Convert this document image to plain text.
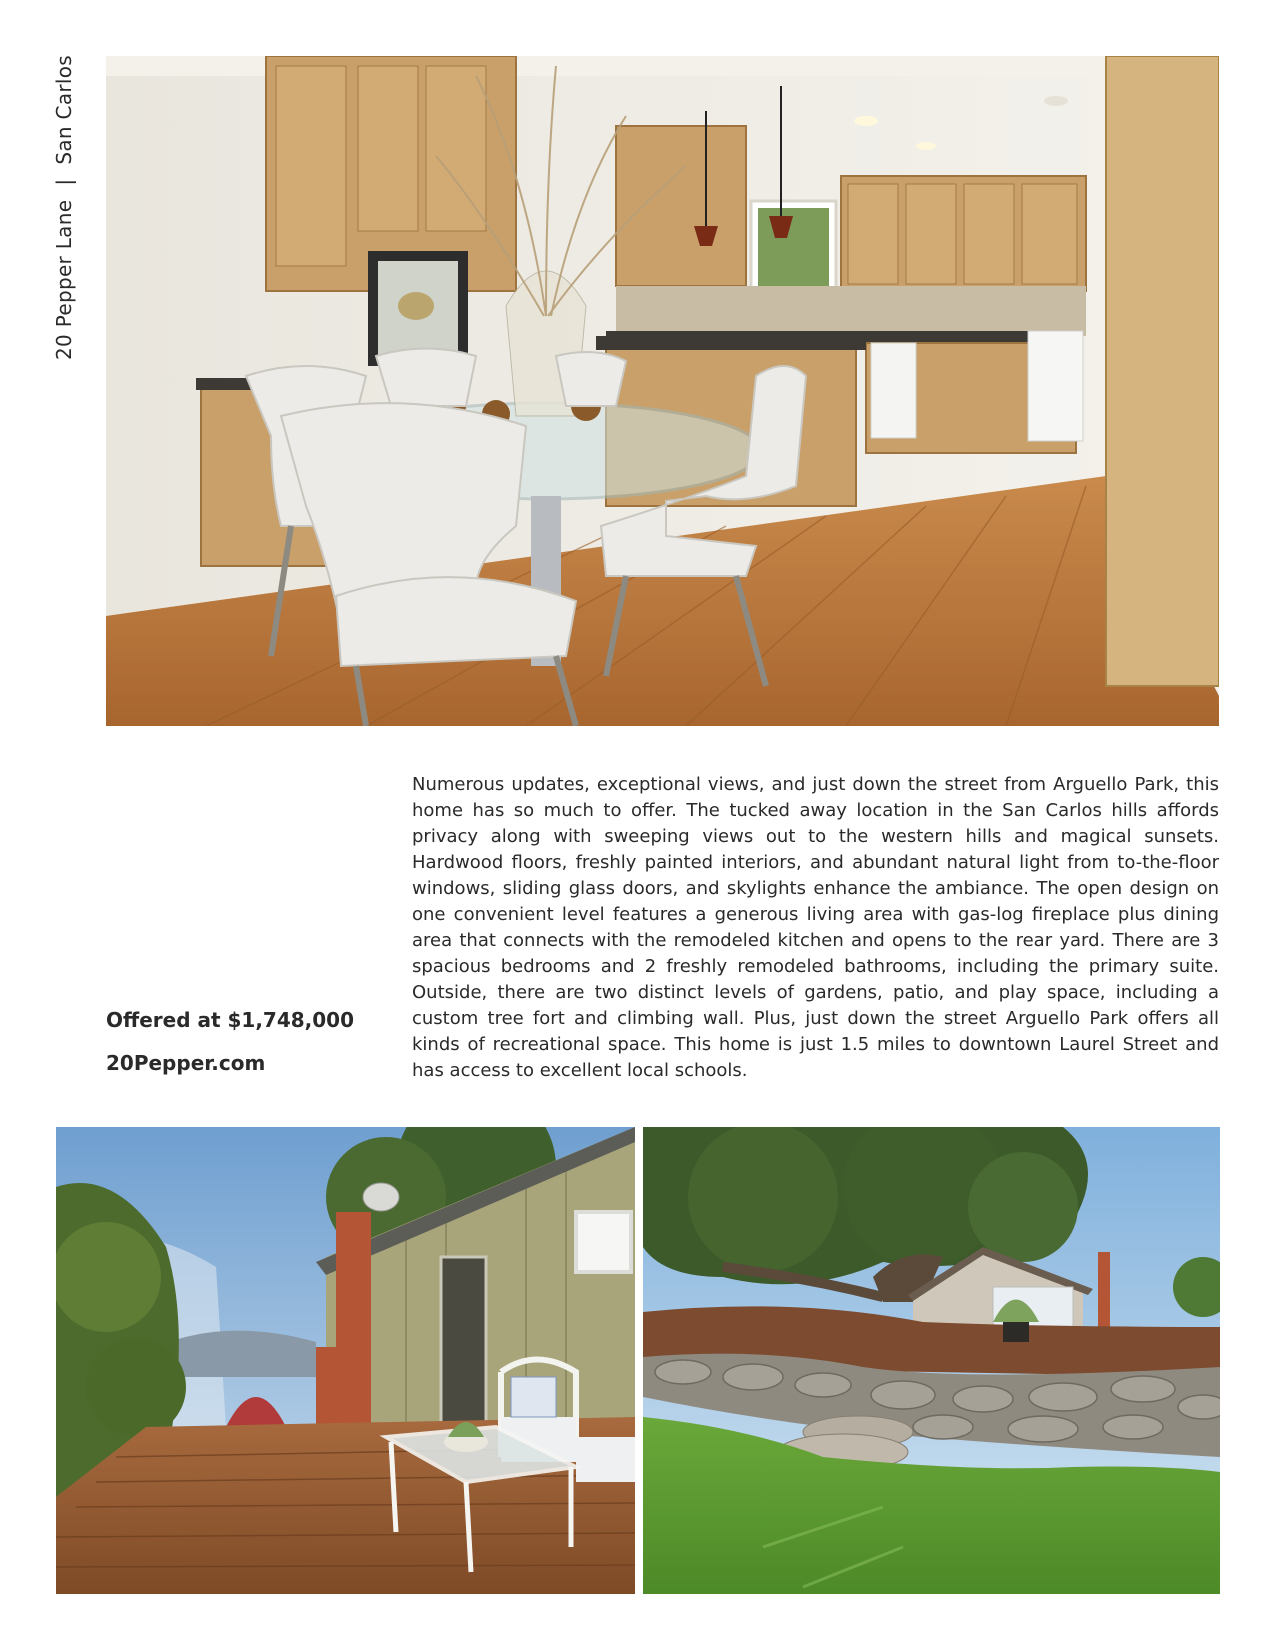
20 Pepper Lane|San Carlos

Numerous updates, exceptional views, and just down the street from Arguello Park, this home has so much to offer. The tucked away location in the San Carlos hills affords privacy along with sweeping views out to the western hills and magical sunsets. Hardwood floors, freshly painted interiors, and abundant natural light from to-the-floor windows, sliding glass doors, and skylights enhance the ambiance. The open design on one convenient level features a generous living area with gas-log fireplace plus dining area that connects with the remodeled kitchen and opens to the rear yard. There are 3 spacious bedrooms and 2 freshly remodeled bathrooms, including the primary suite. Outside, there are two distinct levels of gardens, patio, and play space, including a custom tree fort and climbing wall. Plus, just down the street Arguello Park offers all kinds of recreational space. This home is just 1.5 miles to downtown Laurel Street and has access to excellent local schools.

Offered at $1,748,000
20Pepper.com
